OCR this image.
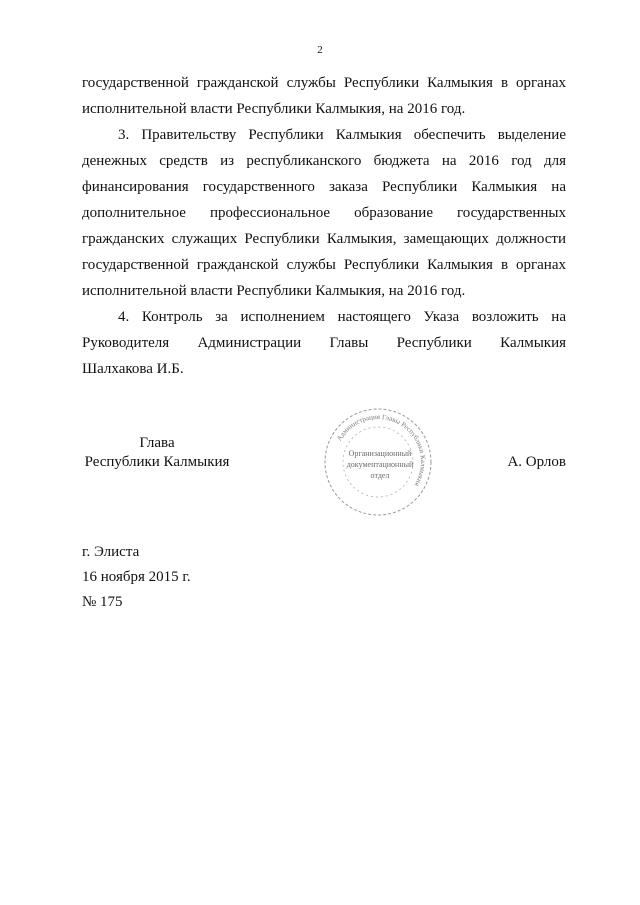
2
государственной гражданской службы Республики Калмыкия в органах
исполнительной власти Республики Калмыкия, на 2016 год.
3. Правительству Республики Калмыкия обеспечить выделение
денежных средств из республиканского бюджета на 2016 год для
финансирования государственного заказа Республики Калмыкия на
дополнительное профессиональное образование государственных
гражданских служащих Республики Калмыкия, замещающих должности
государственной гражданской службы Республики Калмыкия в органах
исполнительной власти Республики Калмыкия, на 2016 год.
4. Контроль за исполнением настоящего Указа возложить на
Руководителя Администрации Главы Республики Калмыкия
Шалхакова И.Б.
Глава
Республики Калмыкия
Администрация Главы Республики Калмыкия
Организационный
документационный
отдел
А. Орлов
г. Элиста
16 ноября 2015 г.
№ 175
